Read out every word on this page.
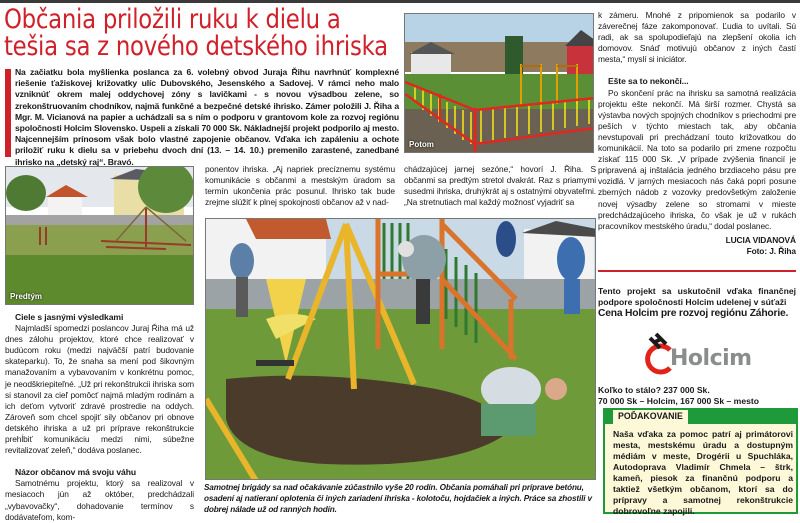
Občania priložili ruku k dielu a tešia sa z nového detského ihriska

Na začiatku bola myšlienka poslanca za 6. volebný obvod Juraja Řihu navrhnúť komplexné riešenie ťažiskovej križovatky ulíc Dubovského, Jesenského a Sadovej. V rámci neho malo vzniknúť okrem malej oddychovej zóny s lavičkami - s novou výsadbou zelene, so zrekonštruovaním chodníkov, najmä funkčné a bezpečné detské ihrisko. Zámer položili J. Řiha a Mgr. M. Vicianová na papier a uchádzali sa s ním o podporu v grantovom kole za rozvoj regiónu spoločnosti Holcim Slovensko. Uspeli a získali 70 000 Sk. Nákladnejší projekt podporilo aj mesto. Najcennejším prínosom však bolo vlastné zapojenie občanov. Vďaka ich zapáleniu a ochote priložiť ruku k dielu sa v priebehu dvoch dní (13. – 14. 10.) premenilo zarastené, zanedbané ihrisko na „detský raj“. Bravó.

Potom
Predtým
Ciele s jasnými výsledkami

Najmladší spomedzi poslancov Juraj Řiha má už dnes zálohu projektov, ktoré chce realizovať v budúcom roku (medzi najväčší patrí budovanie skateparku). To, že snaha sa mení pod šikovným manažovaním a vybavovaním v konkrétnu pomoc, je neodškriepiteľné. „Už pri rekonštrukcii ihriska som si stanovil za cieľ pomôcť najmä mladým rodinám a ich deťom vytvoriť zdravé prostredie na oddych. Zároveň som chcel spojiť sily občanov pri obnove detského ihriska a už pri príprave rekonštrukcie prehĺbiť komunikáciu medzi nimi, súbežne revitalizovať zeleň,“ dodáva poslanec.

Názor občanov má svoju váhu

Samotnému projektu, ktorý sa realizoval v mesiacoch jún až október, predchádzali „vybavovačky“, dohadovanie termínov s dodávateľom, kom-

ponentov ihriska. „Aj napriek precíznemu systému komunikácie s občanmi a mestským úradom sa termín ukončenia prác posunul. Ihrisko tak bude zrejme slúžiť k plnej spokojnosti občanov až v nad-

chádzajúcej jarnej sezóne,“ hovorí J. Řiha. S občanmi sa predtým stretol dvakrát. Raz s priamymi susedmi ihriska, druhýkrát aj s ostatnými obyvateľmi. „Na stretnutiach mal každý možnosť vyjadriť sa

k zámeru. Mnohé z pripomienok sa podarilo v záverečnej fáze zakomponovať. Ľudia to uvítali. Sú radi, ak sa spolupodieľajú na zlepšení okolia ich domovov. Snáď motivujú občanov z iných častí mesta,“ myslí si iniciátor.

Ešte sa to nekončí...

Po skončení prác na ihrisku sa samotná realizácia projektu ešte nekončí. Má širší rozmer. Chystá sa výstavba nových spojných chodníkov s priechodmi pre peších v týchto miestach tak, aby občania nevstupovali pri prechádzaní touto križovatkou do komunikácií. Na toto sa podarilo pri zmene rozpočtu získať 115 000 Sk. „V prípade zvýšenia financií je pripravená aj inštalácia jedného brzdiaceho pásu pre vozidlá. V jarných mesiacoch nás čaká popri posune zberných nádob z vozovky predovšetkým založenie novej výsadby zelene so stromami v mieste predchádzajúceho ihriska, čo však je už v rukách pracovníkov mestského úradu,“ dodal poslanec.

LUCIA VIDANOVÁ
Foto: J. Řiha
Tento projekt sa uskutočnil vďaka finančnej podpore spoločnosti Holcim udelenej v súťaži
Cena Holcim pre rozvoj regiónu Záhorie.
Holcim
Koľko to stálo? 237 000 Sk.
70 000 Sk – Holcim, 167 000 Sk – mesto
POĎAKOVANIE

Naša vďaka za pomoc patrí aj primátorovi mesta, mestskému úradu a dostupným médiám v meste, Drogérii u Spuchláka, Autodoprava Vladimír Chmela – štrk, kameň, piesok za finančnú podporu a taktiež všetkým občanom, ktorí sa do prípravy a samotnej rekonštrukcie dobrovoľne zapojili.

Samotnej brigády sa nad očakávanie zúčastnilo vyše 20 rodín. Občania pomáhali pri príprave betónu, osadení aj natieraní oplotenia či iných zariadení ihriska - kolotoču, hojdačiek a iných. Práce sa zhostili v dobrej nálade už od ranných hodín.
